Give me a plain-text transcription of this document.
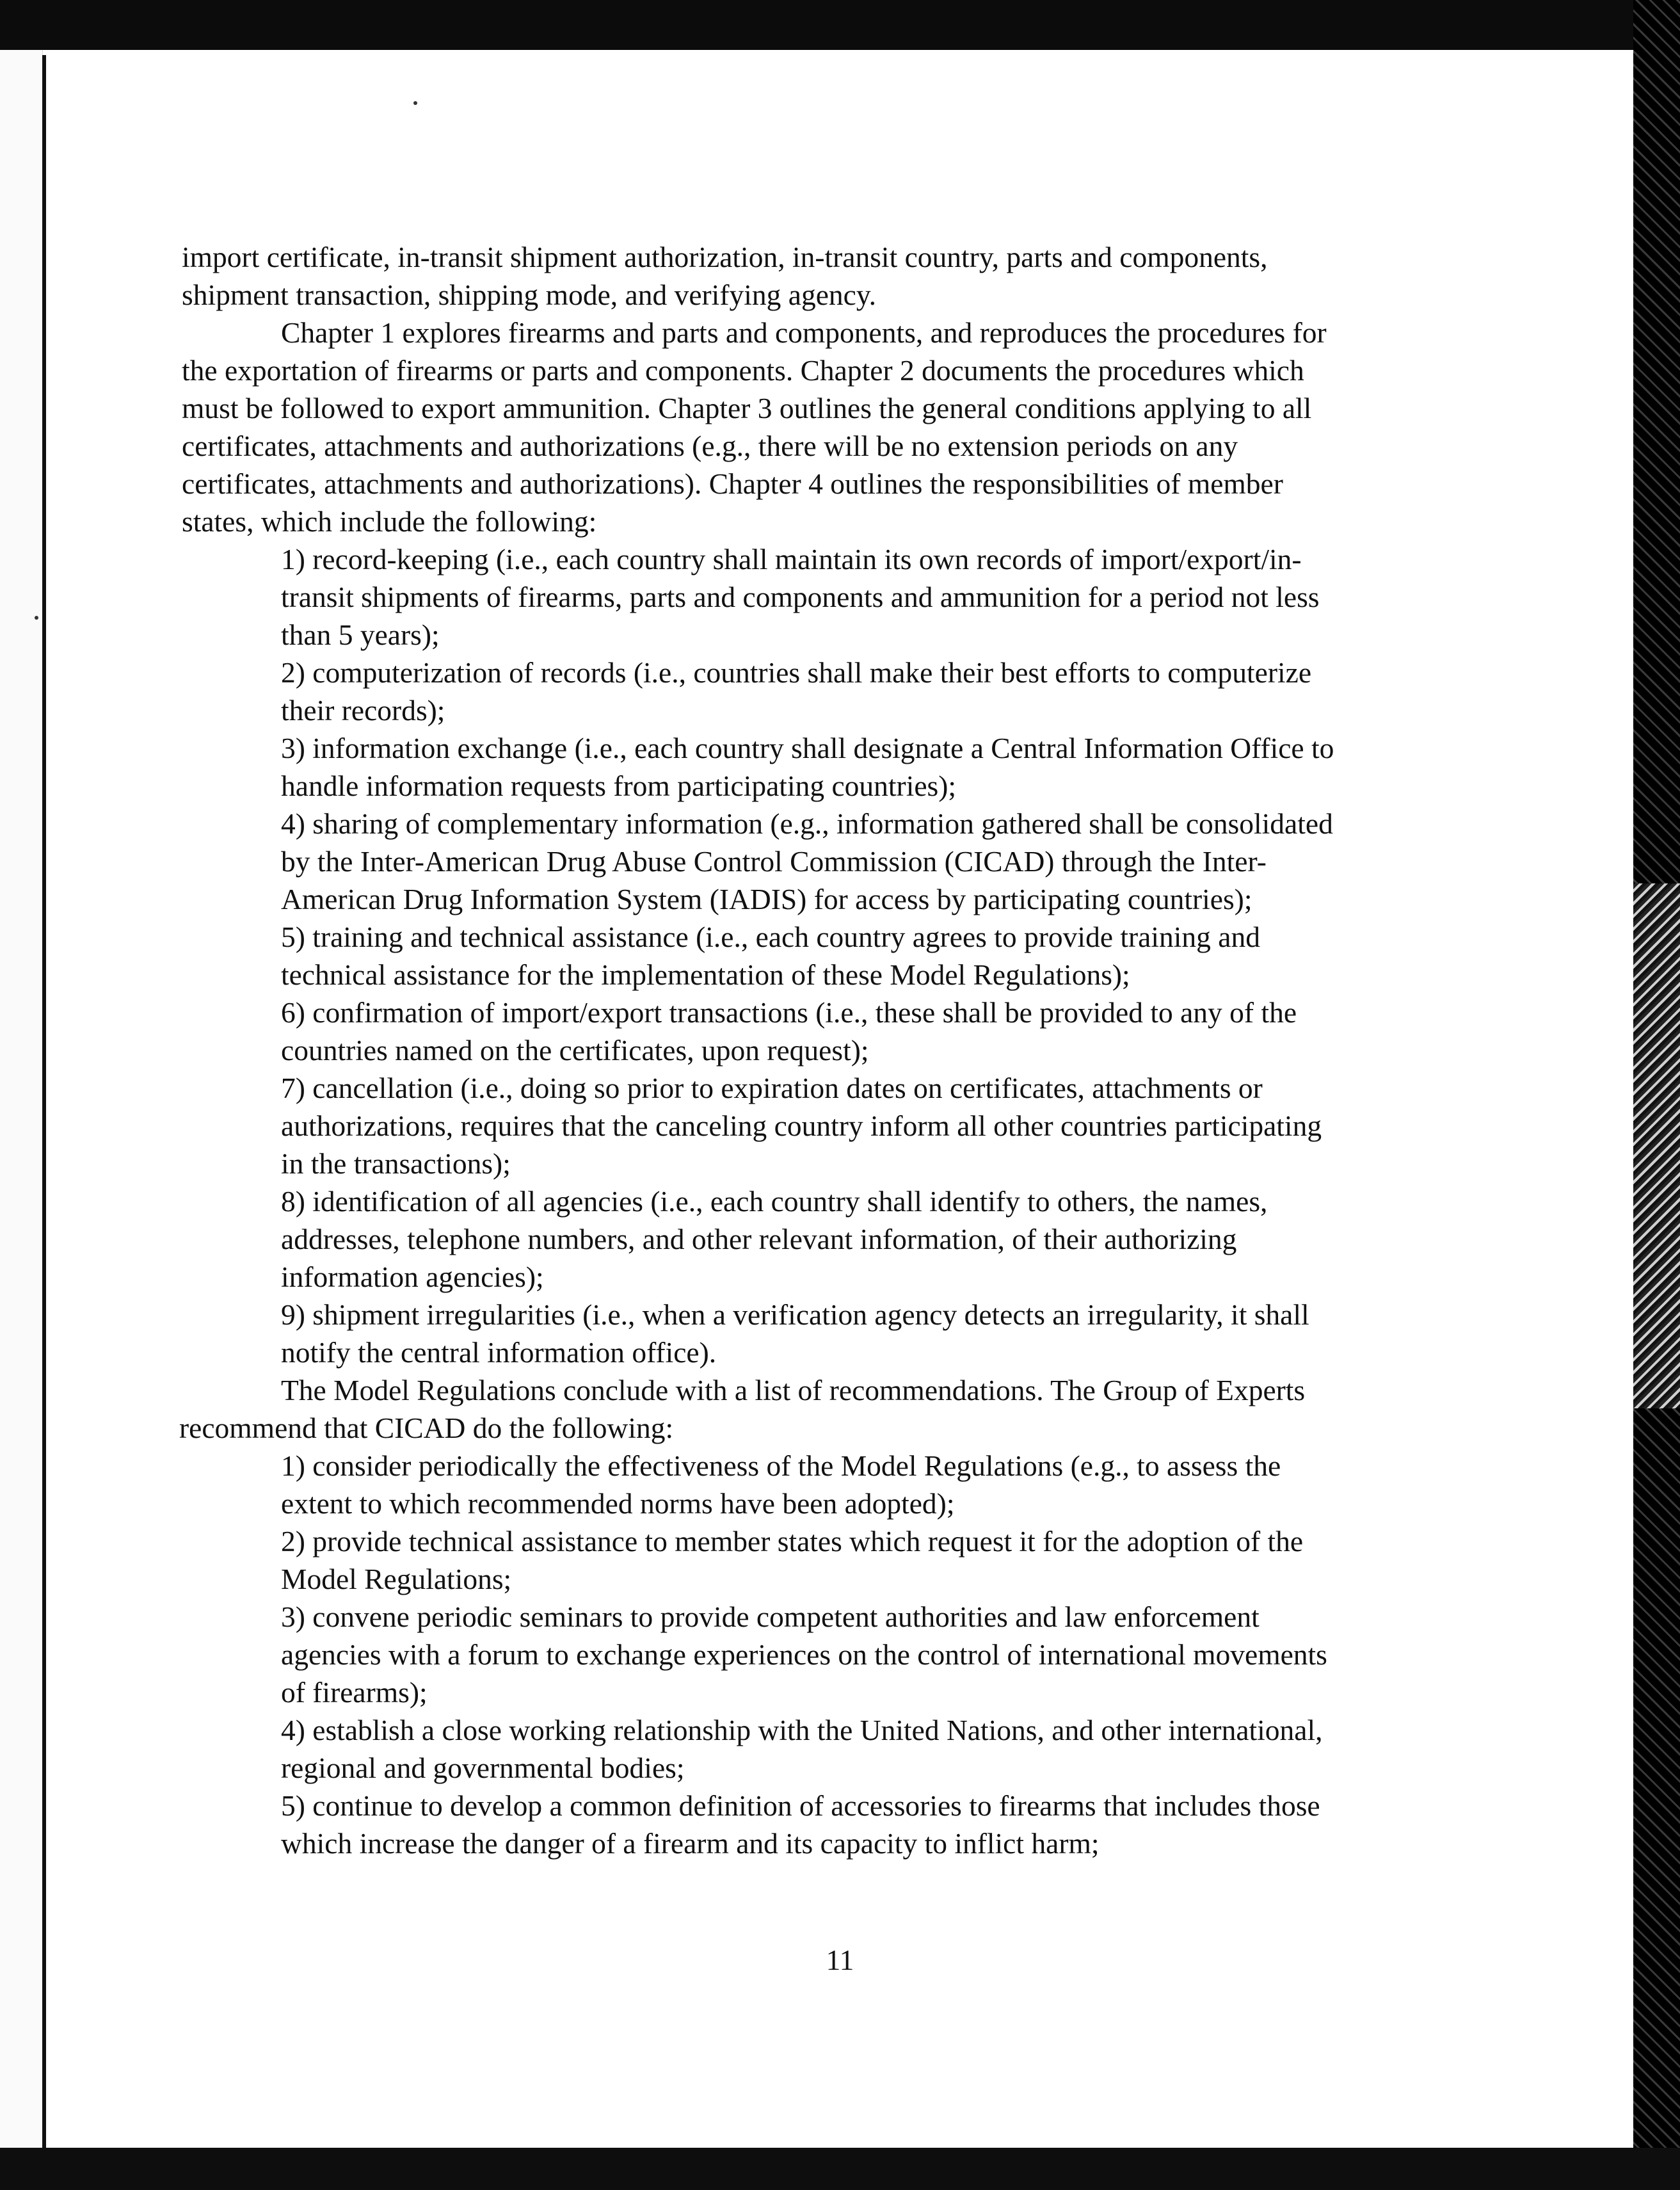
import certificate, in-transit shipment authorization, in-transit country, parts and components,
shipment transaction, shipping mode, and verifying agency.
Chapter 1 explores firearms and parts and components, and reproduces the procedures for
the exportation of firearms or parts and components. Chapter 2 documents the procedures which
must be followed to export ammunition. Chapter 3 outlines the general conditions applying to all
certificates, attachments and authorizations (e.g., there will be no extension periods on any
certificates, attachments and authorizations). Chapter 4 outlines the responsibilities of member
states, which include the following:
1) record-keeping (i.e., each country shall maintain its own records of import/export/in-
transit shipments of firearms, parts and components and ammunition for a period not less
than 5 years);
2) computerization of records (i.e., countries shall make their best efforts to computerize
their records);
3) information exchange (i.e., each country shall designate a Central Information Office to
handle information requests from participating countries);
4) sharing of complementary information (e.g., information gathered shall be consolidated
by the Inter-American Drug Abuse Control Commission (CICAD) through the Inter-
American Drug Information System (IADIS) for access by participating countries);
5) training and technical assistance (i.e., each country agrees to provide training and
technical assistance for the implementation of these Model Regulations);
6) confirmation of import/export transactions (i.e., these shall be provided to any of the
countries named on the certificates, upon request);
7) cancellation (i.e., doing so prior to expiration dates on certificates, attachments or
authorizations, requires that the canceling country inform all other countries participating
in the transactions);
8) identification of all agencies (i.e., each country shall identify to others, the names,
addresses, telephone numbers, and other relevant information, of their authorizing
information agencies);
9) shipment irregularities (i.e., when a verification agency detects an irregularity, it shall
notify the central information office).
The Model Regulations conclude with a list of recommendations. The Group of Experts
recommend that CICAD do the following:
1) consider periodically the effectiveness of the Model Regulations (e.g., to assess the
extent to which recommended norms have been adopted);
2) provide technical assistance to member states which request it for the adoption of the
Model Regulations;
3) convene periodic seminars to provide competent authorities and law enforcement
agencies with a forum to exchange experiences on the control of international movements
of firearms);
4) establish a close working relationship with the United Nations, and other international,
regional and governmental bodies;
5) continue to develop a common definition of accessories to firearms that includes those
which increase the danger of a firearm and its capacity to inflict harm;
11
